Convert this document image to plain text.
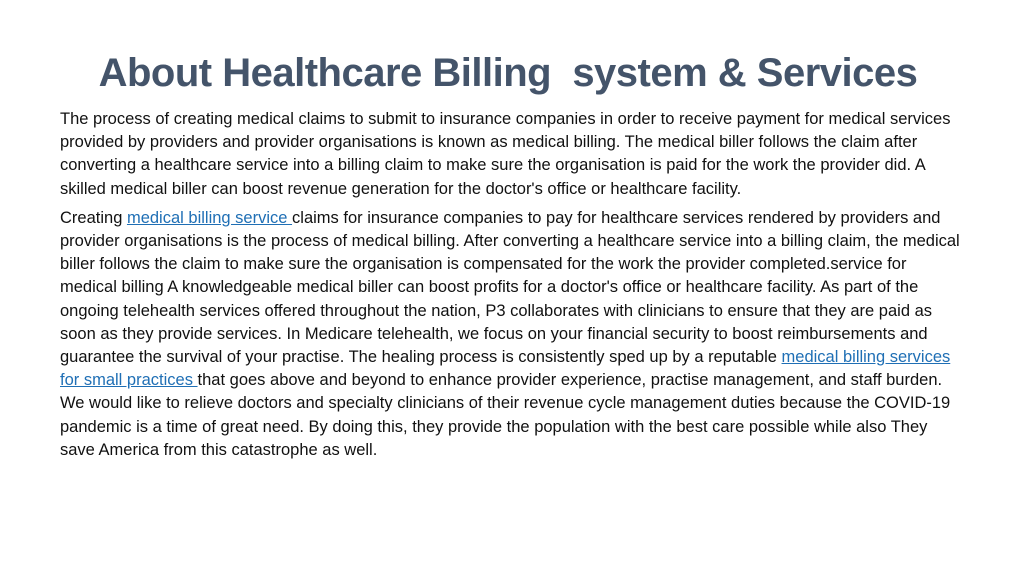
About Healthcare Billing  system & Services

The process of creating medical claims to submit to insurance companies in order to receive payment for medical services provided by providers and provider organisations is known as medical billing. The medical biller follows the claim after converting a healthcare service into a billing claim to make sure the organisation is paid for the work the provider did. A skilled medical biller can boost revenue generation for the doctor's office or healthcare facility.

Creating medical billing service claims for insurance companies to pay for healthcare services rendered by providers and provider organisations is the process of medical billing. After converting a healthcare service into a billing claim, the medical biller follows the claim to make sure the organisation is compensated for the work the provider completed.service for medical billing A knowledgeable medical biller can boost profits for a doctor's office or healthcare facility. As part of the ongoing telehealth services offered throughout the nation, P3 collaborates with clinicians to ensure that they are paid as soon as they provide services. In Medicare telehealth, we focus on your financial security to boost reimbursements and guarantee the survival of your practise. The healing process is consistently sped up by a reputable medical billing services for small practices that goes above and beyond to enhance provider experience, practise management, and staff burden. We would like to relieve doctors and specialty clinicians of their revenue cycle management duties because the COVID-19 pandemic is a time of great need. By doing this, they provide the population with the best care possible while also They save America from this catastrophe as well.
